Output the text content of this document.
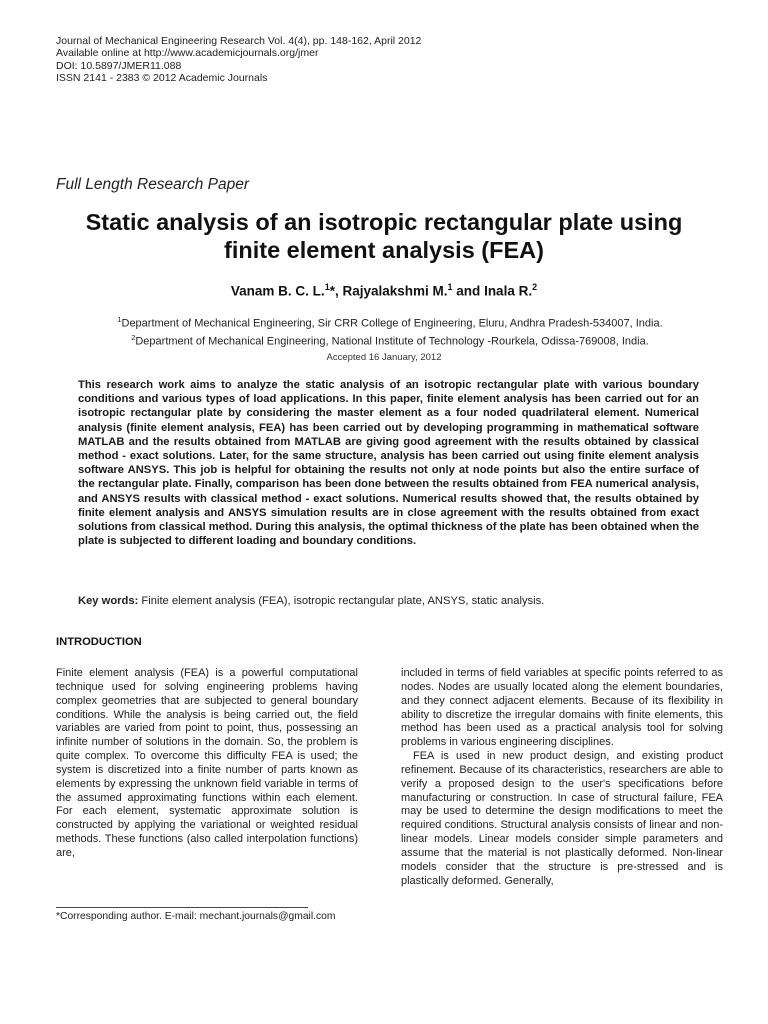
Journal of Mechanical Engineering Research Vol. 4(4), pp. 148-162, April 2012
Available online at http://www.academicjournals.org/jmer
DOI: 10.5897/JMER11.088
ISSN 2141 - 2383 © 2012 Academic Journals
Full Length Research Paper
Static analysis of an isotropic rectangular plate using
finite element analysis (FEA)
Vanam B. C. L.$^1$*, Rajyalakshmi M.$^1$ and Inala R.$^2$
$^1$Department of Mechanical Engineering, Sir CRR College of Engineering, Eluru, Andhra Pradesh-534007, India.
$^2$Department of Mechanical Engineering, National Institute of Technology -Rourkela, Odissa-769008, India.
Accepted 16 January, 2012
This research work aims to analyze the static analysis of an isotropic rectangular plate with various boundary conditions and various types of load applications. In this paper, finite element analysis has been carried out for an isotropic rectangular plate by considering the master element as a four noded quadrilateral element. Numerical analysis (finite element analysis, FEA) has been carried out by developing programming in mathematical software MATLAB and the results obtained from MATLAB are giving good agreement with the results obtained by classical method - exact solutions. Later, for the same structure, analysis has been carried out using finite element analysis software ANSYS. This job is helpful for obtaining the results not only at node points but also the entire surface of the rectangular plate. Finally, comparison has been done between the results obtained from FEA numerical analysis, and ANSYS results with classical method - exact solutions. Numerical results showed that, the results obtained by finite element analysis and ANSYS simulation results are in close agreement with the results obtained from exact solutions from classical method. During this analysis, the optimal thickness of the plate has been obtained when the plate is subjected to different loading and boundary conditions.
Key words: Finite element analysis (FEA), isotropic rectangular plate, ANSYS, static analysis.
INTRODUCTION

Finite element analysis (FEA) is a powerful computational technique used for solving engineering problems having complex geometries that are subjected to general boundary conditions. While the analysis is being carried out, the field variables are varied from point to point, thus, possessing an infinite number of solutions in the domain. So, the problem is quite complex. To overcome this difficulty FEA is used; the system is discretized into a finite number of parts known as elements by expressing the unknown field variable in terms of the assumed approximating functions within each element. For each element, systematic approximate solution is constructed by applying the variational or weighted residual methods. These functions (also called interpolation functions) are,

included in terms of field variables at specific points referred to as nodes. Nodes are usually located along the element boundaries, and they connect adjacent elements. Because of its flexibility in ability to discretize the irregular domains with finite elements, this method has been used as a practical analysis tool for solving problems in various engineering disciplines.

FEA is used in new product design, and existing product refinement. Because of its characteristics, researchers are able to verify a proposed design to the user's specifications before manufacturing or construction. In case of structural failure, FEA may be used to determine the design modifications to meet the required conditions. Structural analysis consists of linear and non-linear models. Linear models consider simple parameters and assume that the material is not plastically deformed. Non-linear models consider that the structure is pre-stressed and is plastically deformed. Generally,

*Corresponding author. E-mail: mechant.journals@gmail.com
